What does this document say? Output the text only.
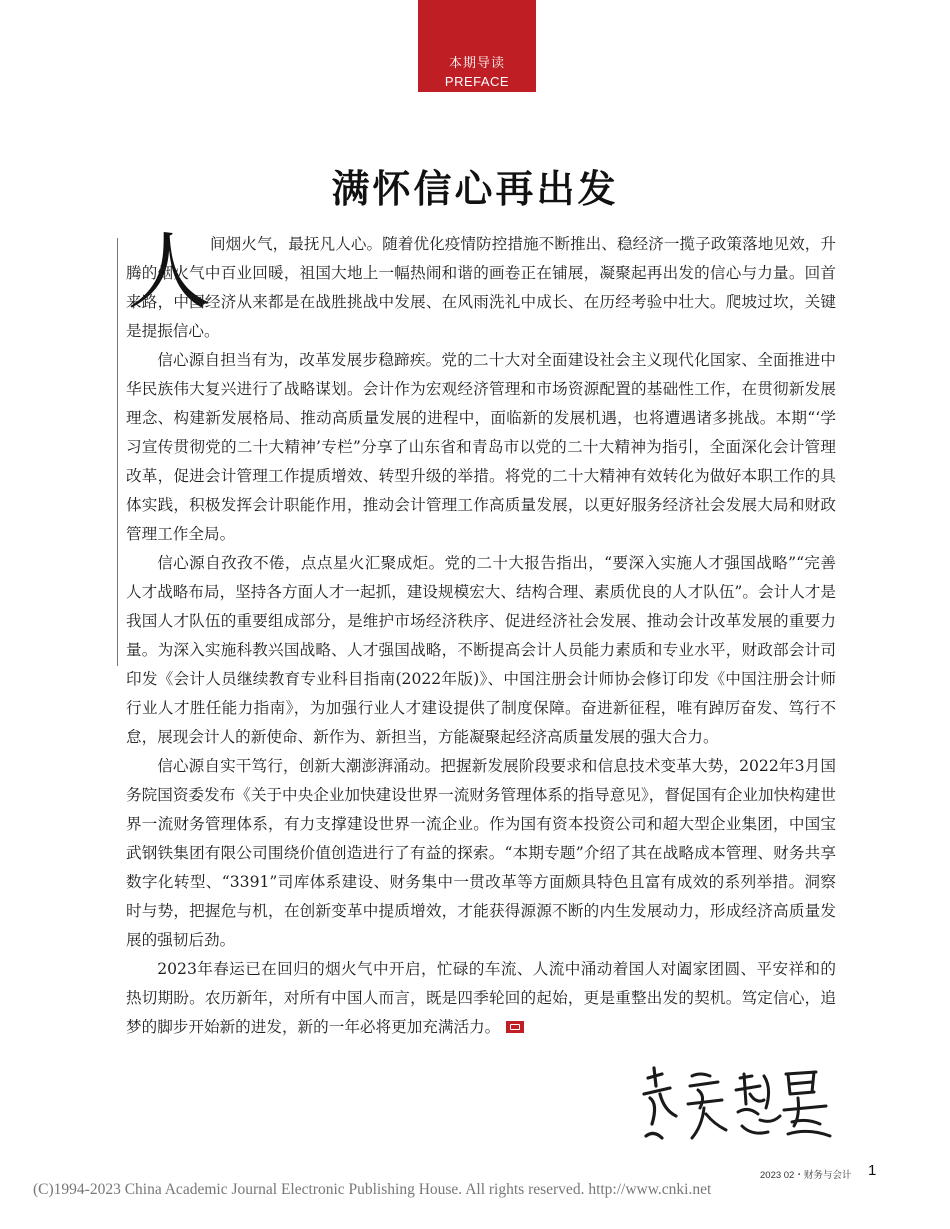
本期导读
PREFACE
满怀信心再出发
人

间烟火气，最抚凡人心。随着优化疫情防控措施不断推出、稳经济一揽子政策落地见效，升腾的烟火气中百业回暖，祖国大地上一幅热闹和谐的画卷正在铺展，凝聚起再出发的信心与力量。回首来路，中国经济从来都是在战胜挑战中发展、在风雨洗礼中成长、在历经考验中壮大。爬坡过坎，关键是提振信心。

信心源自担当有为，改革发展步稳蹄疾。党的二十大对全面建设社会主义现代化国家、全面推进中华民族伟大复兴进行了战略谋划。会计作为宏观经济管理和市场资源配置的基础性工作，在贯彻新发展理念、构建新发展格局、推动高质量发展的进程中，面临新的发展机遇，也将遭遇诸多挑战。本期“‘学习宣传贯彻党的二十大精神’专栏”分享了山东省和青岛市以党的二十大精神为指引，全面深化会计管理改革，促进会计管理工作提质增效、转型升级的举措。将党的二十大精神有效转化为做好本职工作的具体实践，积极发挥会计职能作用，推动会计管理工作高质量发展，以更好服务经济社会发展大局和财政管理工作全局。

信心源自孜孜不倦，点点星火汇聚成炬。党的二十大报告指出，“要深入实施人才强国战略”“完善人才战略布局，坚持各方面人才一起抓，建设规模宏大、结构合理、素质优良的人才队伍”。会计人才是我国人才队伍的重要组成部分，是维护市场经济秩序、促进经济社会发展、推动会计改革发展的重要力量。为深入实施科教兴国战略、人才强国战略，不断提高会计人员能力素质和专业水平，财政部会计司印发《会计人员继续教育专业科目指南(2022年版)》、中国注册会计师协会修订印发《中国注册会计师行业人才胜任能力指南》，为加强行业人才建设提供了制度保障。奋进新征程，唯有踔厉奋发、笃行不怠，展现会计人的新使命、新作为、新担当，方能凝聚起经济高质量发展的强大合力。

信心源自实干笃行，创新大潮澎湃涌动。把握新发展阶段要求和信息技术变革大势，2022年3月国务院国资委发布《关于中央企业加快建设世界一流财务管理体系的指导意见》，督促国有企业加快构建世界一流财务管理体系，有力支撑建设世界一流企业。作为国有资本投资公司和超大型企业集团，中国宝武钢铁集团有限公司围绕价值创造进行了有益的探索。“本期专题”介绍了其在战略成本管理、财务共享数字化转型、“3391”司库体系建设、财务集中一贯改革等方面颇具特色且富有成效的系列举措。洞察时与势，把握危与机，在创新变革中提质增效，才能获得源源不断的内生发展动力，形成经济高质量发展的强韧后劲。

2023年春运已在回归的烟火气中开启，忙碌的车流、人流中涌动着国人对阖家团圆、平安祥和的热切期盼。农历新年，对所有中国人而言，既是四季轮回的起始，更是重整出发的契机。笃定信心，追梦的脚步开始新的进发，新的一年必将更加充满活力。

2023 02・财务与会计 1
(C)1994-2023 China Academic Journal Electronic Publishing House. All rights reserved. http://www.cnki.net
